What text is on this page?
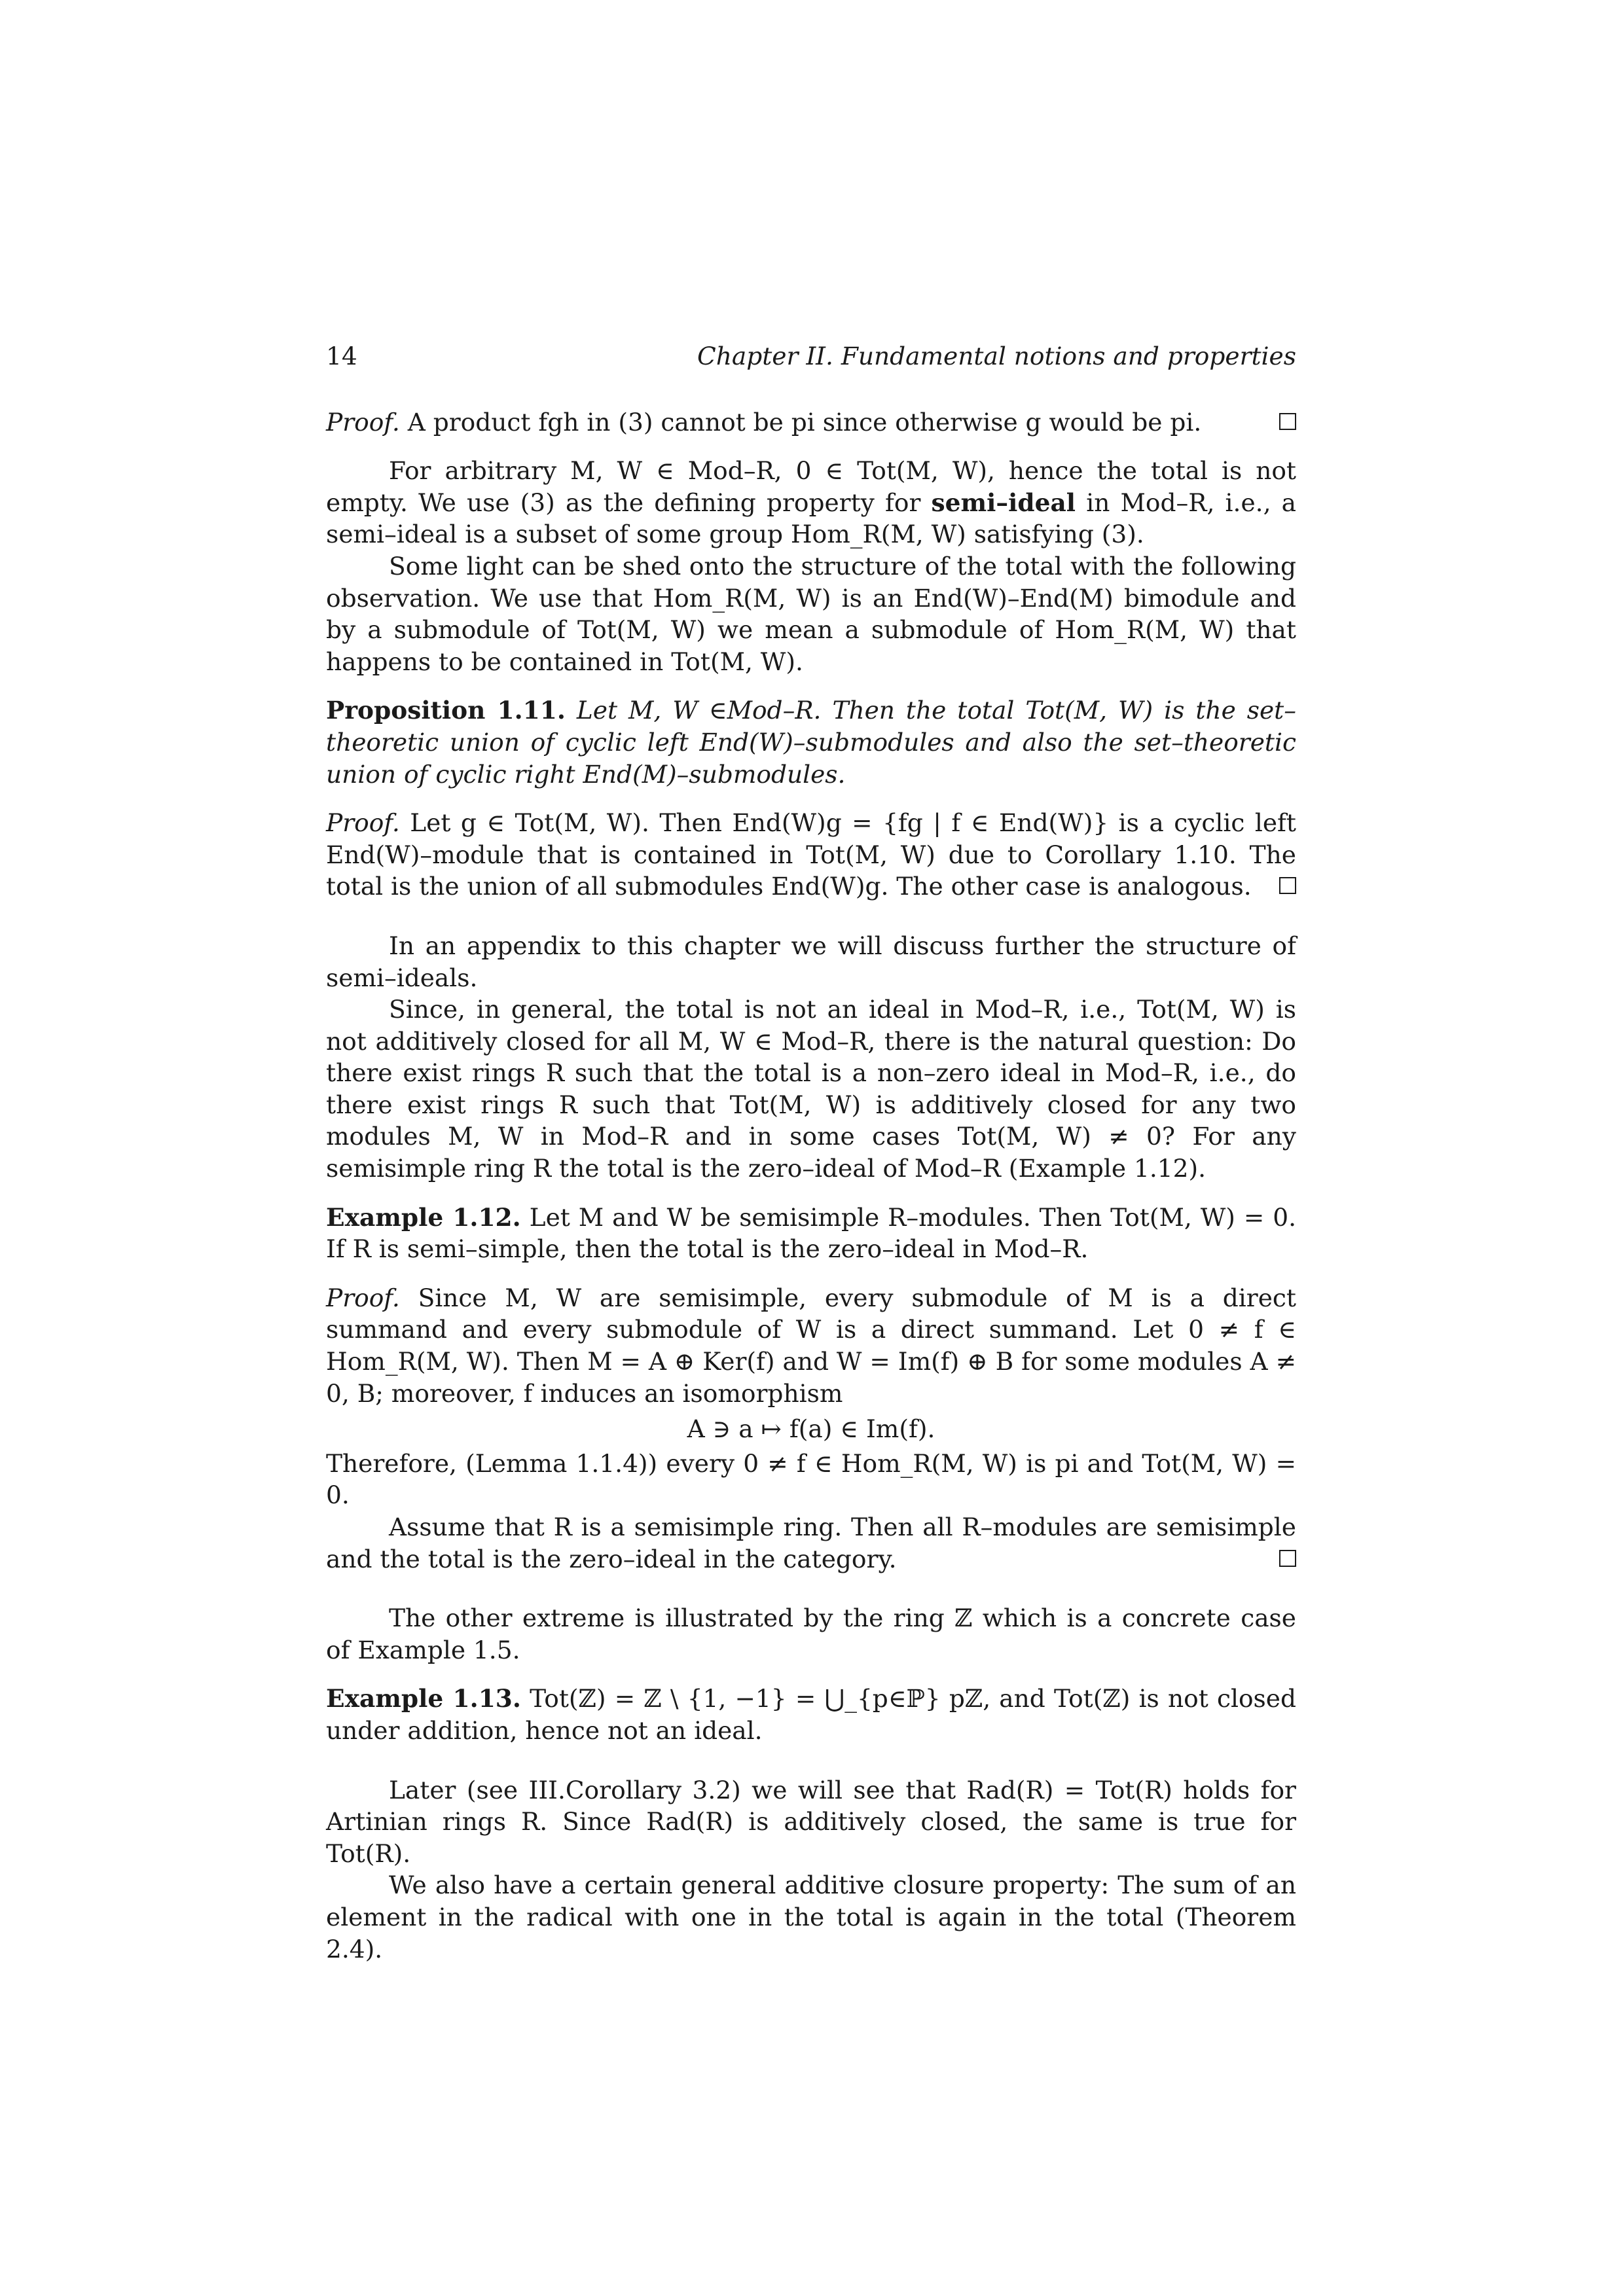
14	Chapter II. Fundamental notions and properties

Proof. A product fgh in (3) cannot be pi since otherwise g would be pi.

For arbitrary M, W ∈ Mod–R, 0 ∈ Tot(M, W), hence the total is not empty. We use (3) as the defining property for semi–ideal in Mod–R, i.e., a semi–ideal is a subset of some group Hom_R(M, W) satisfying (3).

Some light can be shed onto the structure of the total with the following observation. We use that Hom_R(M, W) is an End(W)–End(M) bimodule and by a submodule of Tot(M, W) we mean a submodule of Hom_R(M, W) that happens to be contained in Tot(M, W).

Proposition 1.11. Let M, W ∈Mod–R. Then the total Tot(M, W) is the set–theoretic union of cyclic left End(W)–submodules and also the set–theoretic union of cyclic right End(M)–submodules.

Proof. Let g ∈ Tot(M, W). Then End(W)g = {fg | f ∈ End(W)} is a cyclic left End(W)–module that is contained in Tot(M, W) due to Corollary 1.10. The total is the union of all submodules End(W)g. The other case is analogous.

In an appendix to this chapter we will discuss further the structure of semi–ideals.

Since, in general, the total is not an ideal in Mod–R, i.e., Tot(M, W) is not additively closed for all M, W ∈ Mod–R, there is the natural question: Do there exist rings R such that the total is a non–zero ideal in Mod–R, i.e., do there exist rings R such that Tot(M, W) is additively closed for any two modules M, W in Mod–R and in some cases Tot(M, W) ≠ 0? For any semisimple ring R the total is the zero–ideal of Mod–R (Example 1.12).

Example 1.12. Let M and W be semisimple R–modules. Then Tot(M, W) = 0. If R is semi–simple, then the total is the zero–ideal in Mod–R.

Proof. Since M, W are semisimple, every submodule of M is a direct summand and every submodule of W is a direct summand. Let 0 ≠ f ∈ Hom_R(M, W). Then M = A ⊕ Ker(f) and W = Im(f) ⊕ B for some modules A ≠ 0, B; moreover, f induces an isomorphism

A ∋ a ↦ f(a) ∈ Im(f).

Therefore, (Lemma 1.1.4)) every 0 ≠ f ∈ Hom_R(M, W) is pi and Tot(M, W) = 0.

Assume that R is a semisimple ring. Then all R–modules are semisimple and the total is the zero–ideal in the category.

The other extreme is illustrated by the ring ℤ which is a concrete case of Example 1.5.

Example 1.13. Tot(ℤ) = ℤ \ {1, −1} = ⋃_{p∈ℙ} pℤ, and Tot(ℤ) is not closed under addition, hence not an ideal.

Later (see III.Corollary 3.2) we will see that Rad(R) = Tot(R) holds for Artinian rings R. Since Rad(R) is additively closed, the same is true for Tot(R).

We also have a certain general additive closure property: The sum of an element in the radical with one in the total is again in the total (Theorem 2.4).
